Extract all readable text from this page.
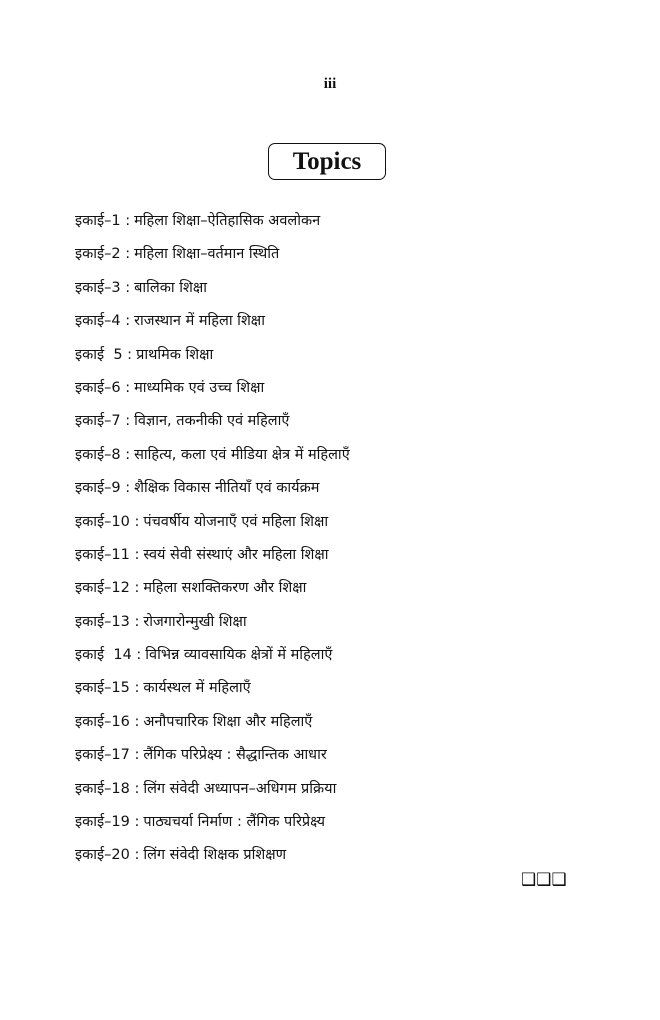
iii
Topics
इकाई–1 : महिला शिक्षा–ऐतिहासिक अवलोकन
इकाई–2 : महिला शिक्षा–वर्तमान स्थिति
इकाई–3 : बालिका शिक्षा
इकाई–4 : राजस्थान में महिला शिक्षा
इकाई  5 : प्राथमिक शिक्षा
इकाई–6 : माध्यमिक एवं उच्च शिक्षा
इकाई–7 : विज्ञान, तकनीकी एवं महिलाएँ
इकाई–8 : साहित्य, कला एवं मीडिया क्षेत्र में महिलाएँ
इकाई–9 : शैक्षिक विकास नीतियाँ एवं कार्यक्रम
इकाई–10 : पंचवर्षीय योजनाएँ एवं महिला शिक्षा
इकाई–11 : स्वयं सेवी संस्थाएं और महिला शिक्षा
इकाई–12 : महिला सशक्तिकरण और शिक्षा
इकाई–13 : रोजगारोन्मुखी शिक्षा
इकाई  14 : विभिन्न व्यावसायिक क्षेत्रों में महिलाएँ
इकाई–15 : कार्यस्थल में महिलाएँ
इकाई–16 : अनौपचारिक शिक्षा और महिलाएँ
इकाई–17 : लैंगिक परिप्रेक्ष्य : सैद्धान्तिक आधार
इकाई–18 : लिंग संवेदी अध्यापन–अधिगम प्रक्रिया
इकाई–19 : पाठ्यचर्या निर्माण : लैंगिक परिप्रेक्ष्य
इकाई–20 : लिंग संवेदी शिक्षक प्रशिक्षण
❑❑❑
